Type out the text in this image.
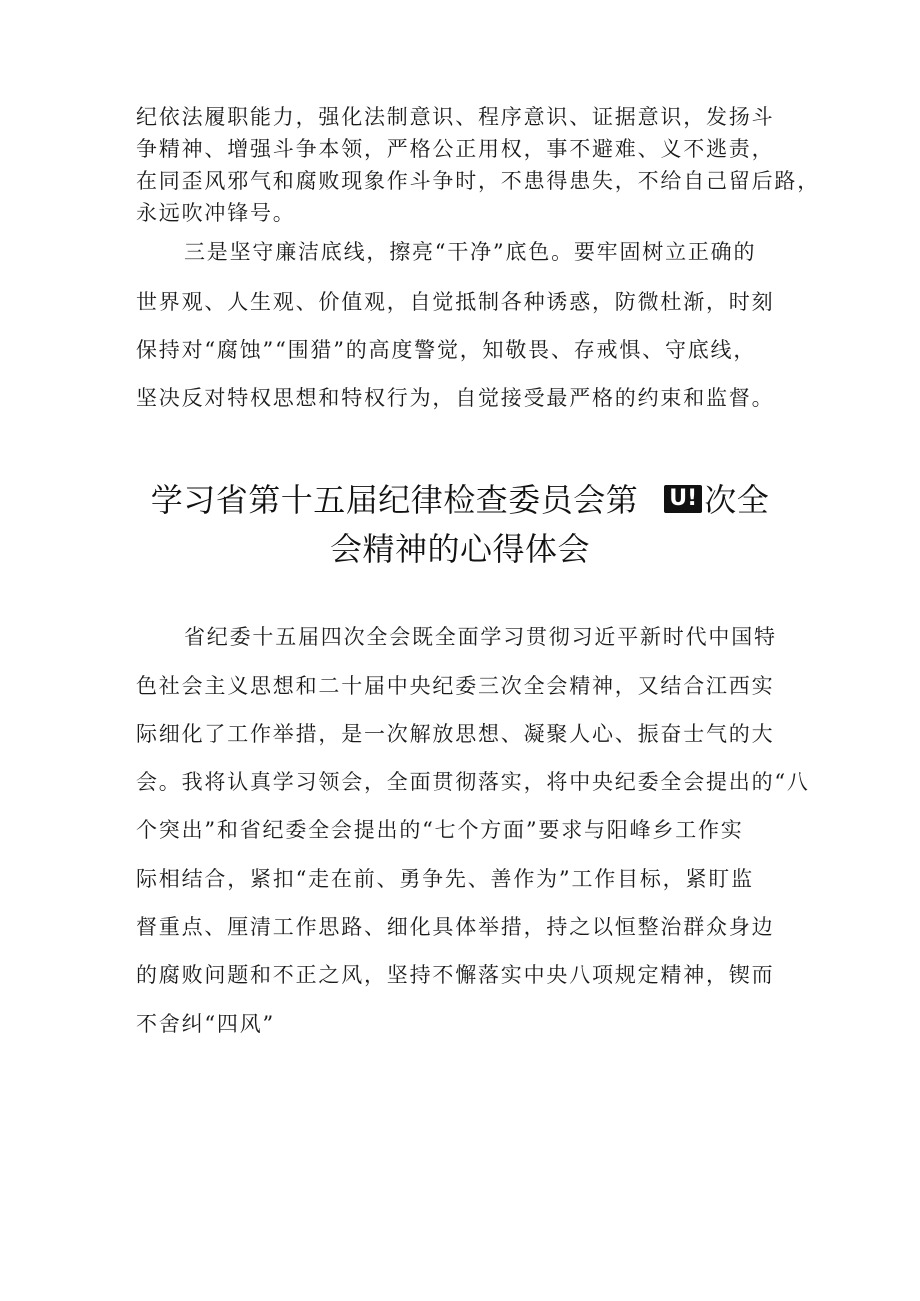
纪依法履职能力，强化法制意识、程序意识、证据意识，发扬斗
争精神、增强斗争本领，严格公正用权，事不避难、义不逃责，
在同歪风邪气和腐败现象作斗争时，不患得患失，不给自己留后路，
永远吹冲锋号。
三是坚守廉洁底线，擦亮“干净”底色。要牢固树立正确的
世界观、人生观、价值观，自觉抵制各种诱惑，防微杜渐，时刻
保持对“腐蚀”“围猎”的高度警觉，知敬畏、存戒惧、守底线，
坚决反对特权思想和特权行为，自觉接受最严格的约束和监督。
学习省第十五届纪律检查委员会第 U! 次全
会精神的心得体会
省纪委十五届四次全会既全面学习贯彻习近平新时代中国特
色社会主义思想和二十届中央纪委三次全会精神，又结合江西实
际细化了工作举措，是一次解放思想、凝聚人心、振奋士气的大
会。我将认真学习领会，全面贯彻落实，将中央纪委全会提出的“八
个突出”和省纪委全会提出的“七个方面”要求与阳峰乡工作实
际相结合，紧扣“走在前、勇争先、善作为”工作目标，紧盯监
督重点、厘清工作思路、细化具体举措，持之以恒整治群众身边
的腐败问题和不正之风，坚持不懈落实中央八项规定精神，锲而
不舍纠“四风”
